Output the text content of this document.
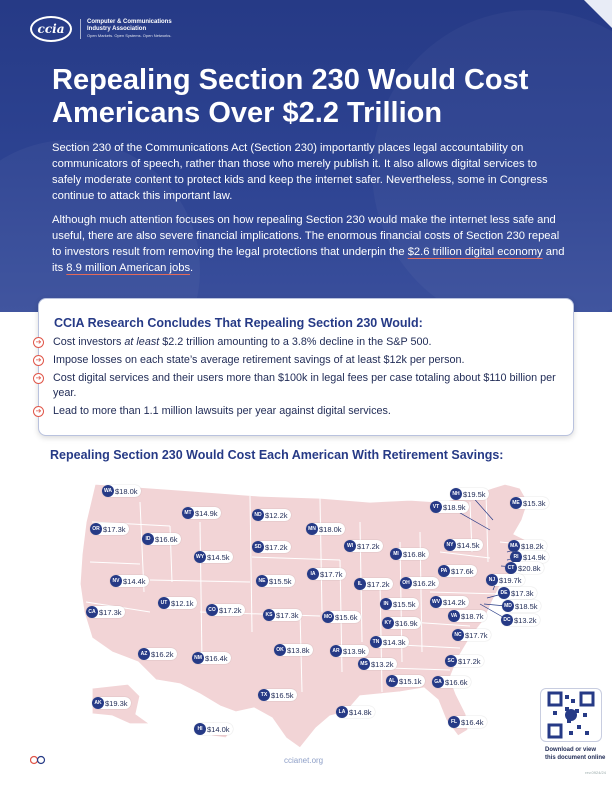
ccia	Computer & Communications
Industry Association
Open Markets. Open Systems. Open Networks.
Repealing Section 230 Would Cost Americans Over $2.2 Trillion

Section 230 of the Communications Act (Section 230) importantly places legal accountability on communicators of speech, rather than those who merely publish it. It also allows digital services to safely moderate content to protect kids and keep the internet safer. Nevertheless, some in Congress continue to attack this important law.

Although much attention focuses on how repealing Section 230 would make the internet less safe and useful, there are also severe financial implications. The enormous financial costs of Section 230 repeal to investors result from removing the legal protections that underpin the $2.6 trillion digital economy and its 8.9 million American jobs.

CCIA Research Concludes That Repealing Section 230 Would:
➔ Cost investors at least $2.2 trillion amounting to a 3.8% decline in the S&P 500.
➔ Impose losses on each state’s average retirement savings of at least $12k per person.
➔ Cost digital services and their users more than $100k in legal fees per case totaling about $110 billion per year.
➔ Lead to more than 1.1 million lawsuits per year against digital services.
Repealing Section 230 Would Cost Each American With Retirement Savings:
WA $18.0k
OR $17.3k
CA $17.3k
NV $14.4k
ID $16.6k
MT $14.9k
WY $14.5k
UT $12.1k
AZ $16.2k
CO $17.2k
NM $16.4k
ND $12.2k
SD $17.2k
NE $15.5k
KS $17.3k
OK $13.8k
TX $16.5k
MN $18.0k
IA $17.7k
MO $15.6k
AR $13.9k
LA $14.8k
WI $17.2k
IL $17.2k
MI $16.8k
IN $15.5k
OH $16.2k
KY $16.9k
TN $14.3k
MS $13.2k
AL $15.1k	GA $16.6k
FL $16.4k
SC $17.2k
NC $17.7k
VA $18.7k
WV $14.2k
PA $17.6k
NY $14.5k
VT $18.9k
NH $19.5k
ME $15.3k
MA $18.2k
RI $14.9k
CT $20.8k
NJ $19.7k
DE $17.3k
MD $18.5k
DC $13.2k
AK $19.3k
HI $14.0k
Download or view this document online
ccianet.org
rev.0924/24
